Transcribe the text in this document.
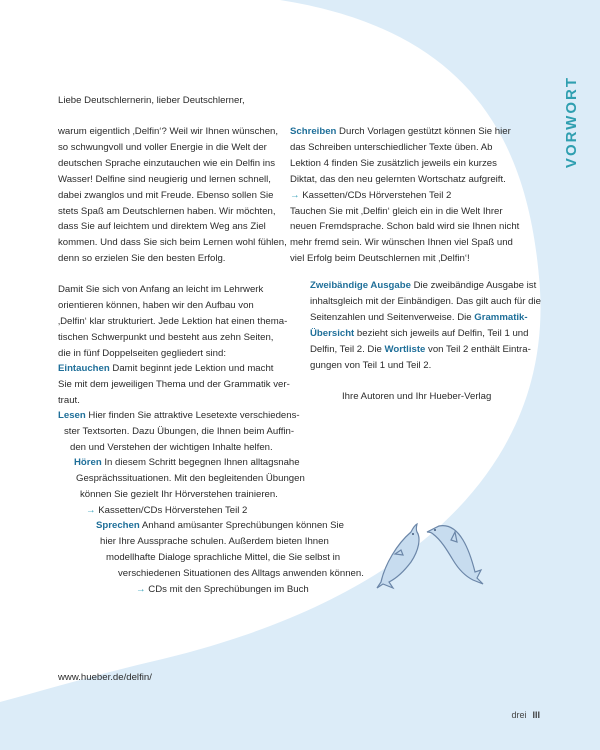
VORWORT
Liebe Deutschlernerin, lieber Deutschlerner,
warum eigentlich ‚Delfin‘? Weil wir Ihnen wünschen,
so schwungvoll und voller Energie in die Welt der
deutschen Sprache einzutauchen wie ein Delfin ins
Wasser! Delfine sind neugierig und lernen schnell,
dabei zwanglos und mit Freude. Ebenso sollen Sie
stets Spaß am Deutschlernen haben. Wir möchten,
dass Sie auf leichtem und direktem Weg ans Ziel
kommen. Und dass Sie sich beim Lernen wohl fühlen,
denn so erzielen Sie den besten Erfolg.
Damit Sie sich von Anfang an leicht im Lehrwerk
orientieren können, haben wir den Aufbau von
‚Delfin‘ klar strukturiert. Jede Lektion hat einen thema-
tischen Schwerpunkt und besteht aus zehn Seiten,
die in fünf Doppelseiten gegliedert sind:
Eintauchen Damit beginnt jede Lektion und macht
Sie mit dem jeweiligen Thema und der Grammatik ver-
traut.
Lesen Hier finden Sie attraktive Lesetexte verschiedens-
ster Textsorten. Dazu Übungen, die Ihnen beim Auffin-
den und Verstehen der wichtigen Inhalte helfen.
Hören In diesem Schritt begegnen Ihnen alltagsnahe
Gesprächssituationen. Mit den begleitenden Übungen
können Sie gezielt Ihr Hörverstehen trainieren.
→ Kassetten/CDs Hörverstehen Teil 2
Sprechen Anhand amüsanter Sprechübungen können Sie
hier Ihre Aussprache schulen. Außerdem bieten Ihnen
modellhafte Dialoge sprachliche Mittel, die Sie selbst in
verschiedenen Situationen des Alltags anwenden können.
→ CDs mit den Sprechübungen im Buch
Schreiben Durch Vorlagen gestützt können Sie hier
das Schreiben unterschiedlicher Texte üben. Ab
Lektion 4 finden Sie zusätzlich jeweils ein kurzes
Diktat, das den neu gelernten Wortschatz aufgreift.
→ Kassetten/CDs Hörverstehen Teil 2
Tauchen Sie mit ‚Delfin‘ gleich ein in die Welt Ihrer
neuen Fremdsprache. Schon bald wird sie Ihnen nicht
mehr fremd sein. Wir wünschen Ihnen viel Spaß und
viel Erfolg beim Deutschlernen mit ‚Delfin‘!
Zweibändige Ausgabe Die zweibändige Ausgabe ist
inhaltsgleich mit der Einbändigen. Das gilt auch für die
Seitenzahlen und Seitenverweise. Die Grammatik-
Übersicht bezieht sich jeweils auf Delfin, Teil 1 und
Delfin, Teil 2. Die Wortliste von Teil 2 enthält Eintra-
gungen von Teil 1 und Teil 2.
Ihre Autoren und Ihr Hueber-Verlag
www.hueber.de/delfin/
drei III
